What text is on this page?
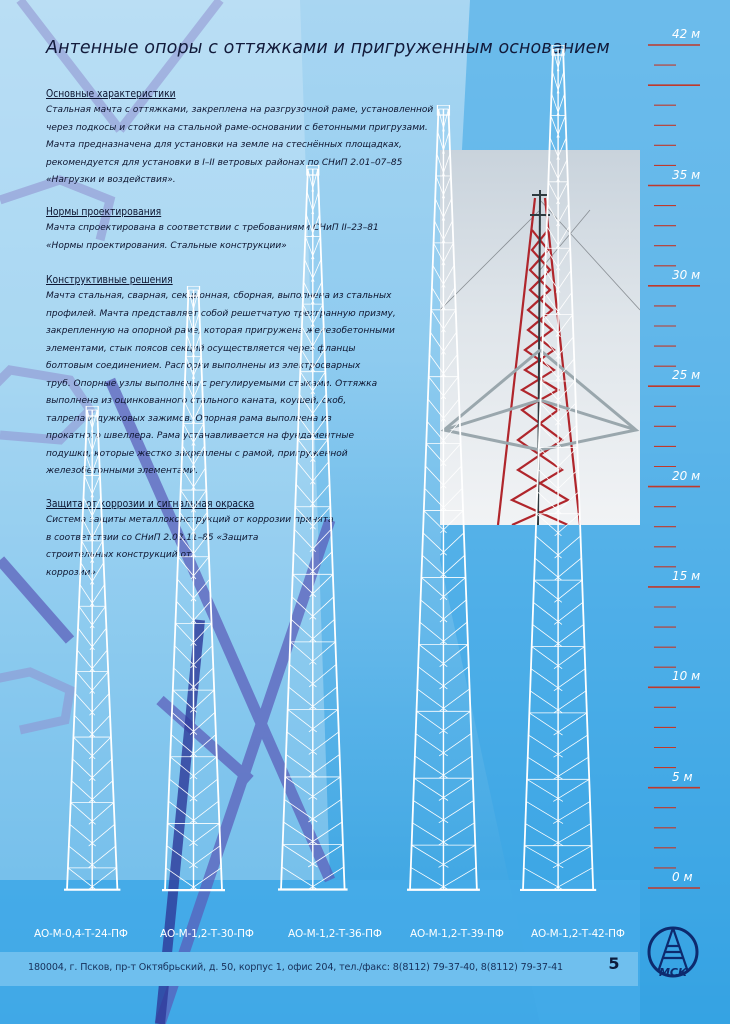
Антенные опоры с оттяжками и пригруженным основанием
Основные характеристики

Стальная мачта с оттяжками, закреплена на разгрузочной раме, установленной
через подкосы и стойки на стальной раме-основании с бетонными пригрузами.
Мачта предназначена для установки на земле на стеснённых площадках,
рекомендуется для установки в I–II ветровых районах по СНиП 2.01–07–85
«Нагрузки и воздействия».

Нормы проектирования

Мачта спроектирована в соответствии с требованиями СНиП II–23–81
«Нормы проектирования. Стальные конструкции»

Конструктивные решения

Мачта стальная, сварная, секционная, сборная, выполнена из стальных
профилей. Мачта представляет собой решетчатую трехгранную призму,
закрепленную на опорной раме, которая пригружена железобетонными
элементами, стык поясов секций осуществляется через фланцы
болтовым соединением. Распорки выполнены из электросварных
труб. Опорные узлы выполнены с регулируемыми стыками. Оттяжка
выполнена из оцинкованного стального каната, коушей, скоб,
талрепа и дужковых зажимов. Опорная рама выполнена из
прокатного швеллера. Рама устанавливается на фундаментные
подушки, которые жестко закреплены с рамой, пригруженной
железобетонными элементами.

Защита от коррозии и сигнальная окраска

Система защиты металлоконструкций от коррозии принята
в соответствии со СНиП 2.03.11–85 «Защита
строительных конструкций от
коррозии»

42 м
35 м
30 м
25 м
20 м
15 м
10 м
5 м
0 м
АО-М-0,4-Т-24-ПФ	АО-М-1,2-Т-30-ПФ	АО-М-1,2-Т-36-ПФ	АО-М-1,2-Т-39-ПФ	АО-М-1,2-Т-42-ПФ
180004, г. Псков, пр-т Октябрьский, д. 50, корпус 1, офис 204, тел./факс: 8(8112) 79-37-40, 8(8112) 79-37-41	5	МСК
